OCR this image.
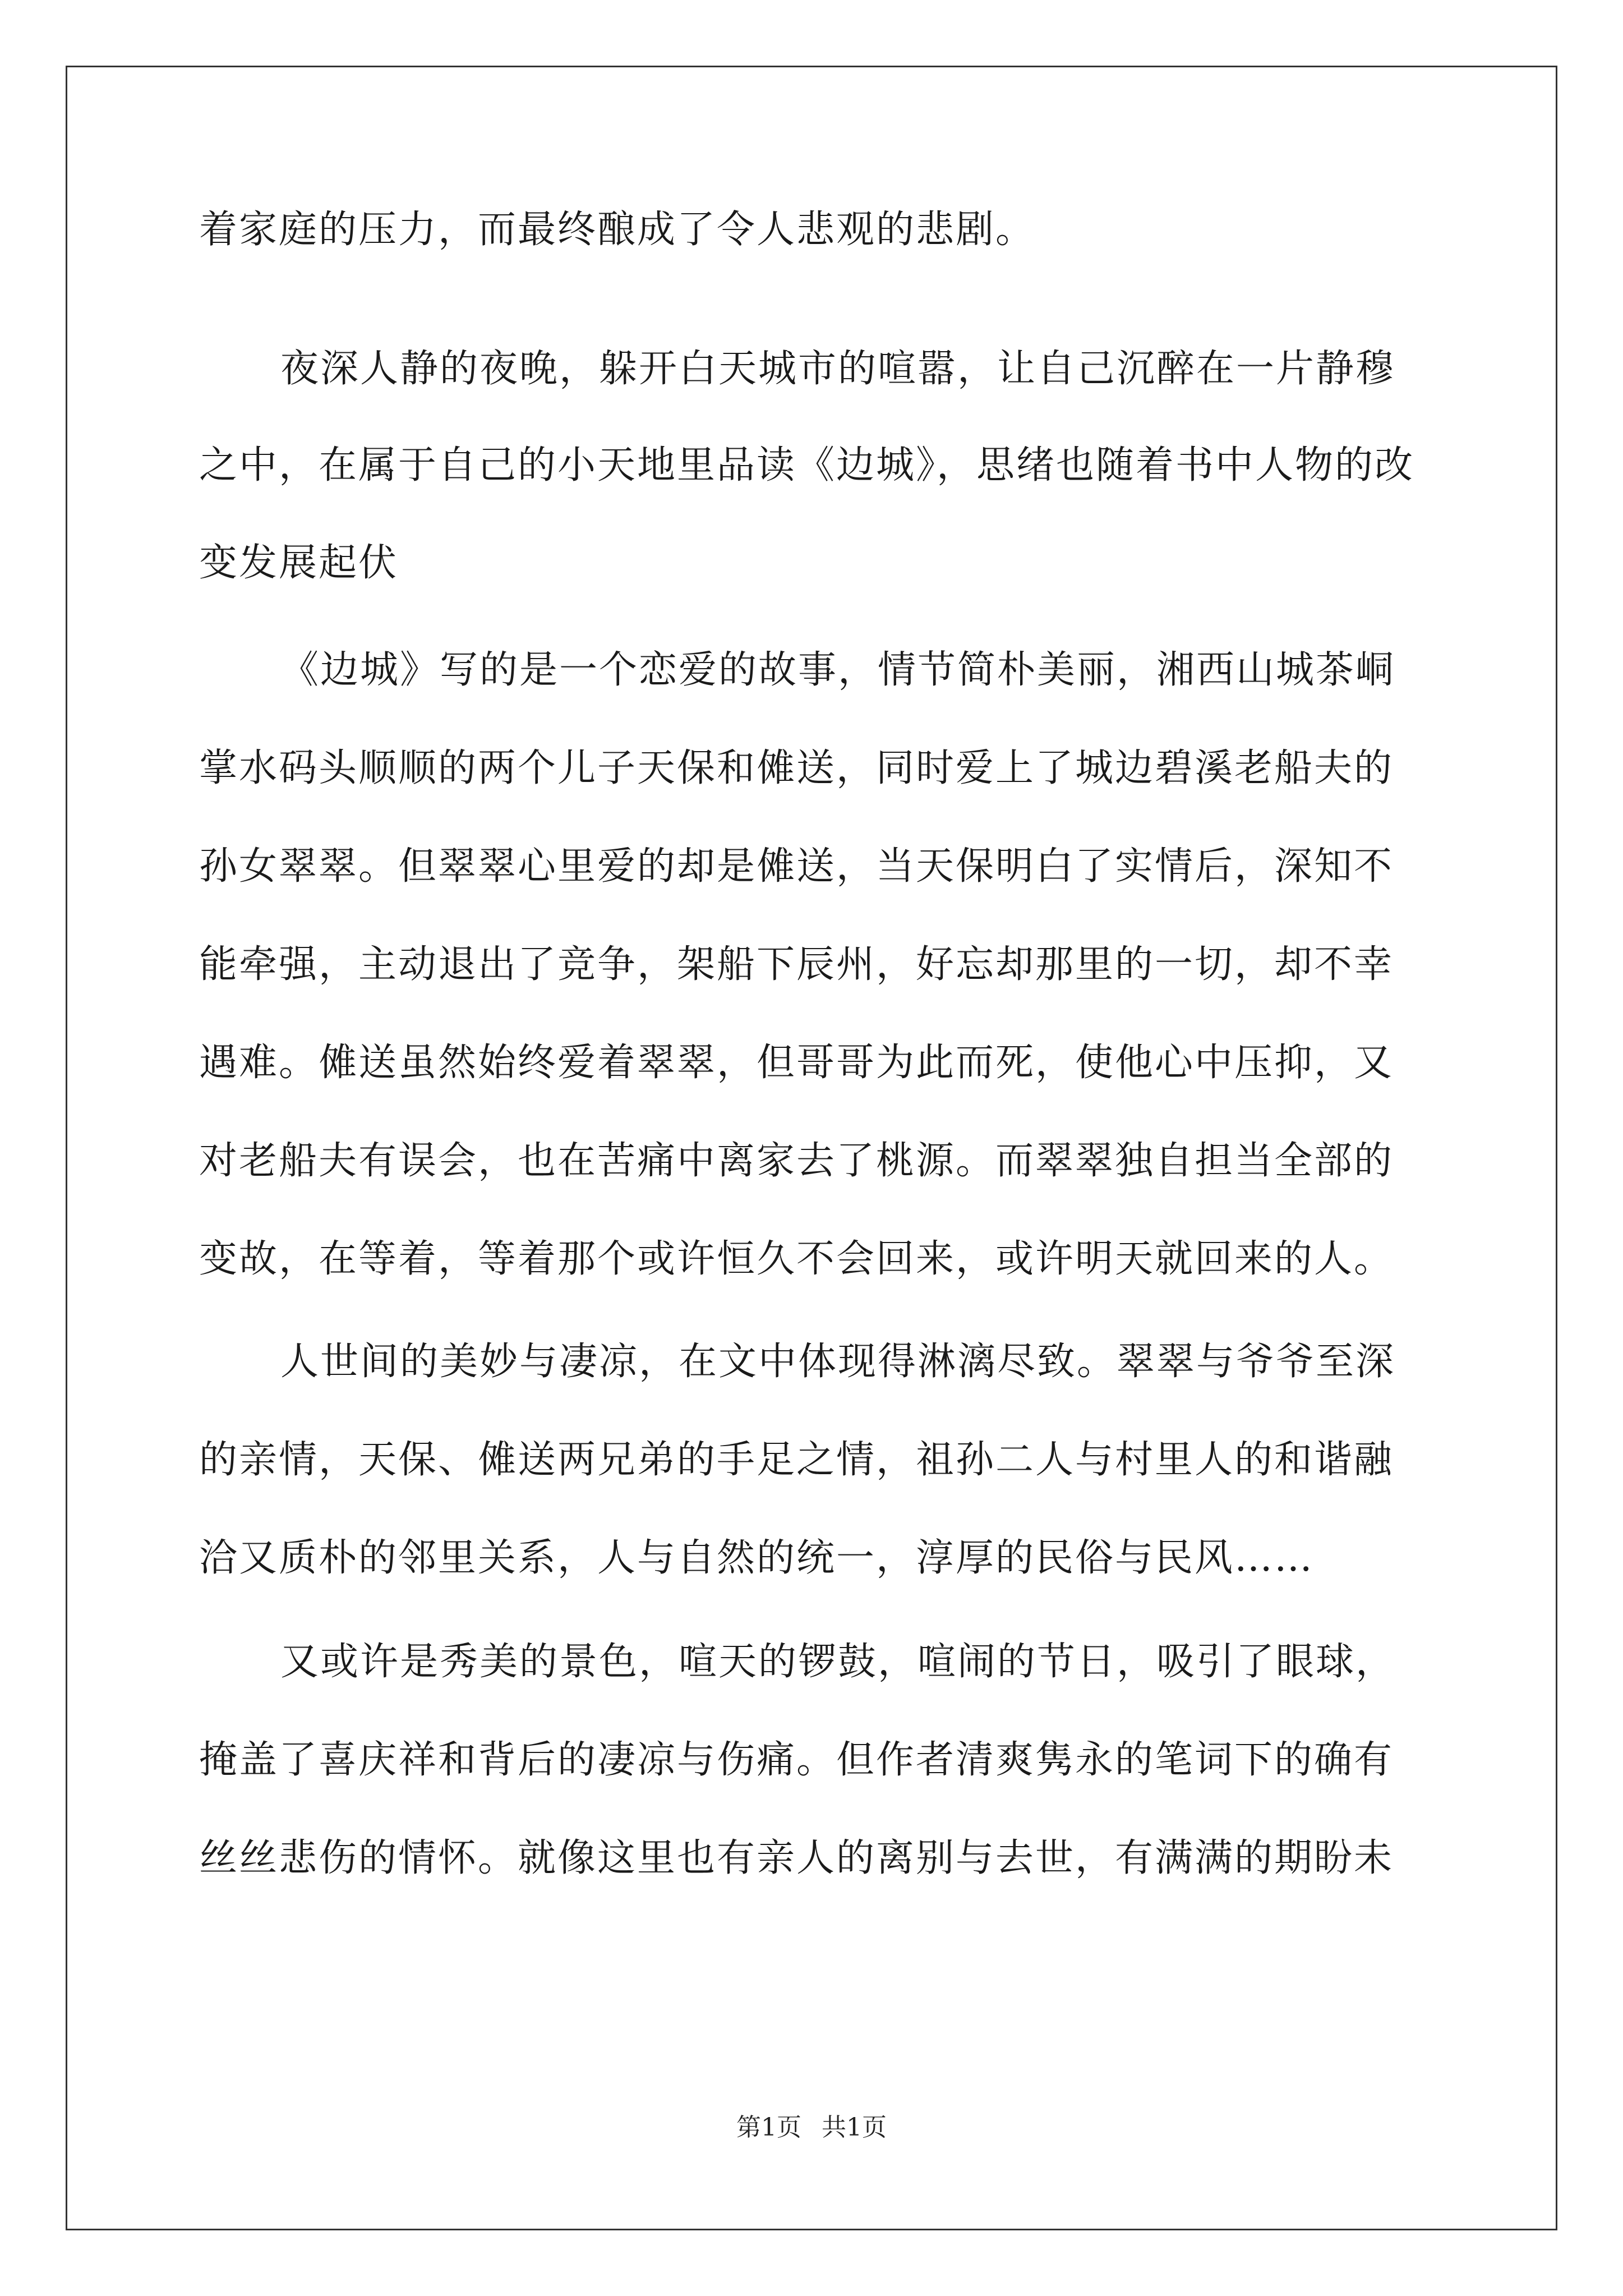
着家庭的压力，而最终酿成了令人悲观的悲剧。
夜深人静的夜晚，躲开白天城市的喧嚣，让自己沉醉在一片静穆
之中，在属于自己的小天地里品读《边城》，思绪也随着书中人物的改
变发展起伏
《边城》写的是一个恋爱的故事，情节简朴美丽，湘西山城茶峒
掌水码头顺顺的两个儿子天保和傩送，同时爱上了城边碧溪老船夫的
孙女翠翠。但翠翠心里爱的却是傩送，当天保明白了实情后，深知不
能牵强，主动退出了竞争，架船下辰州，好忘却那里的一切，却不幸
遇难。傩送虽然始终爱着翠翠，但哥哥为此而死，使他心中压抑，又
对老船夫有误会，也在苦痛中离家去了桃源。而翠翠独自担当全部的
变故，在等着，等着那个或许恒久不会回来，或许明天就回来的人。
人世间的美妙与凄凉，在文中体现得淋漓尽致。翠翠与爷爷至深
的亲情，天保、傩送两兄弟的手足之情，祖孙二人与村里人的和谐融
洽又质朴的邻里关系，人与自然的统一，淳厚的民俗与民风……
又或许是秀美的景色，喧天的锣鼓，喧闹的节日，吸引了眼球，
掩盖了喜庆祥和背后的凄凉与伤痛。但作者清爽隽永的笔词下的确有
丝丝悲伤的情怀。就像这里也有亲人的离别与去世，有满满的期盼未
第1页 共1页
